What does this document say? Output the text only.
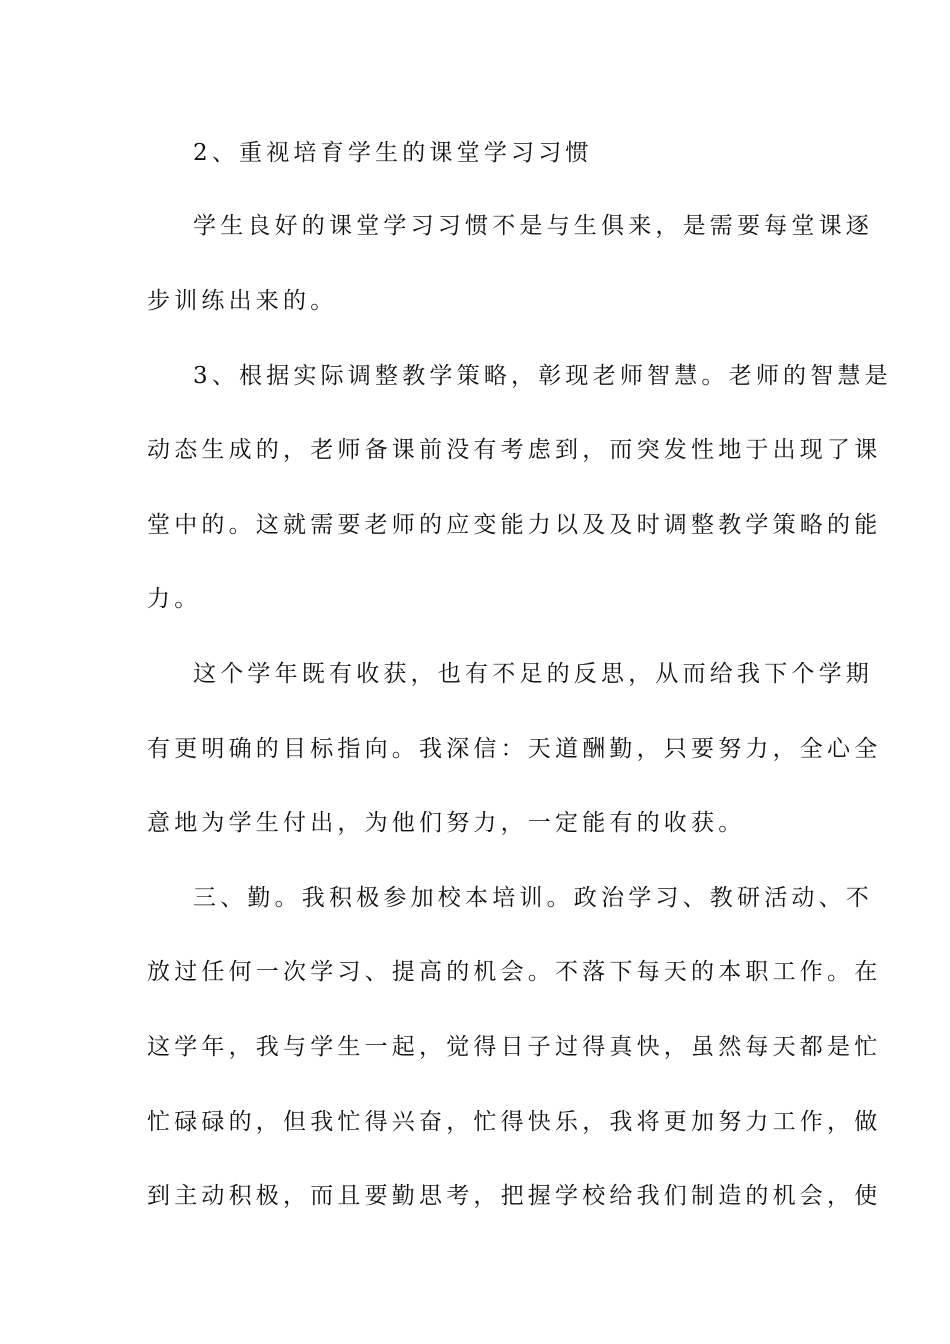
2、重视培育学生的课堂学习习惯
学生良好的课堂学习习惯不是与生俱来，是需要每堂课逐
步训练出来的。
3、根据实际调整教学策略，彰现老师智慧。老师的智慧是
动态生成的，老师备课前没有考虑到，而突发性地于出现了课
堂中的。这就需要老师的应变能力以及及时调整教学策略的能
力。
这个学年既有收获，也有不足的反思，从而给我下个学期
有更明确的目标指向。我深信：天道酬勤，只要努力，全心全
意地为学生付出，为他们努力，一定能有的收获。
三、勤。我积极参加校本培训。政治学习、教研活动、不
放过任何一次学习、提高的机会。不落下每天的本职工作。在
这学年，我与学生一起，觉得日子过得真快，虽然每天都是忙
忙碌碌的，但我忙得兴奋，忙得快乐，我将更加努力工作，做
到主动积极，而且要勤思考，把握学校给我们制造的机会，使
